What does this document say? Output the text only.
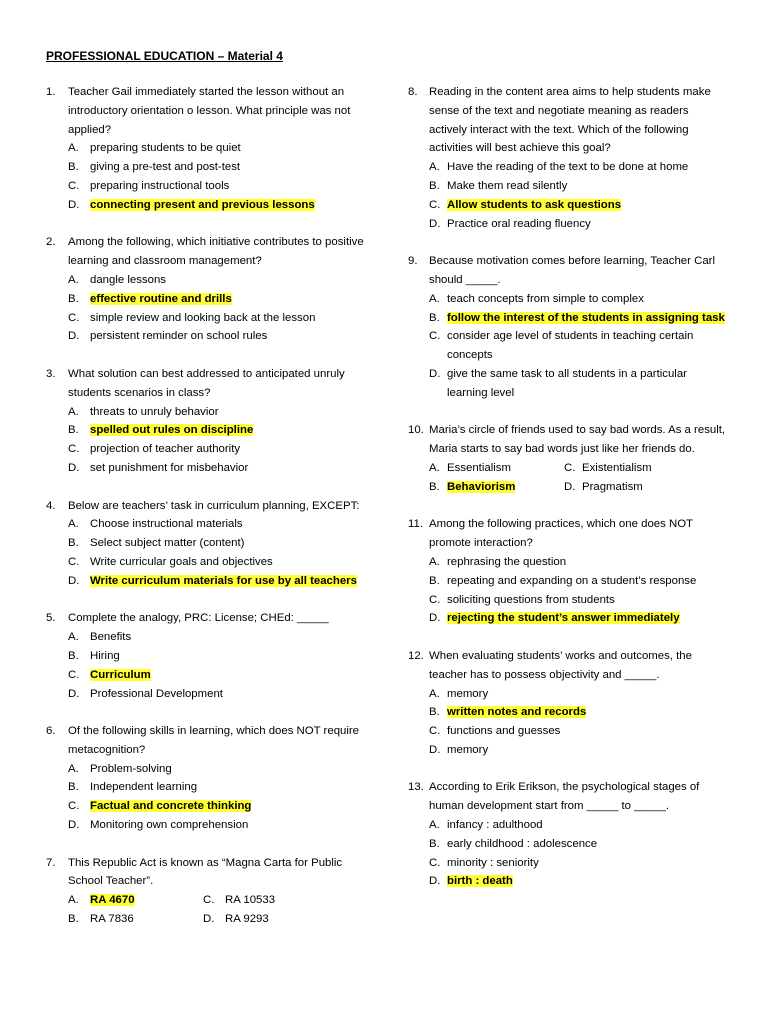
PROFESSIONAL EDUCATION – Material 4
1. Teacher Gail immediately started the lesson without an introductory orientation o lesson. What principle was not applied?
A. preparing students to be quiet
B. giving a pre-test and post-test
C. preparing instructional tools
D. connecting present and previous lessons
2. Among the following, which initiative contributes to positive learning and classroom management?
A. dangle lessons
B. effective routine and drills
C. simple review and looking back at the lesson
D. persistent reminder on school rules
3. What solution can best addressed to anticipated unruly students scenarios in class?
A. threats to unruly behavior
B. spelled out rules on discipline
C. projection of teacher authority
D. set punishment for misbehavior
4. Below are teachers’ task in curriculum planning, EXCEPT:
A. Choose instructional materials
B. Select subject matter (content)
C. Write curricular goals and objectives
D. Write curriculum materials for use by all teachers
5. Complete the analogy, PRC: License; CHEd: _____
A. Benefits
B. Hiring
C. Curriculum
D. Professional Development
6. Of the following skills in learning, which does NOT require metacognition?
A. Problem-solving
B. Independent learning
C. Factual and concrete thinking
D. Monitoring own comprehension
7. This Republic Act is known as “Magna Carta for Public School Teacher”.
A. RA 4670	C. RA 10533
B. RA 7836	D. RA 9293
8. Reading in the content area aims to help students make sense of the text and negotiate meaning as readers actively interact with the text. Which of the following activities will best achieve this goal?
A. Have the reading of the text to be done at home
B. Make them read silently
C. Allow students to ask questions
D. Practice oral reading fluency
9. Because motivation comes before learning, Teacher Carl should _____.
A. teach concepts from simple to complex
B. follow the interest of the students in assigning task
C. consider age level of students in teaching certain concepts
D. give the same task to all students in a particular learning level
10. Maria’s circle of friends used to say bad words. As a result, Maria starts to say bad words just like her friends do.
A. Essentialism	C. Existentialism
B. Behaviorism	D. Pragmatism
11. Among the following practices, which one does NOT promote interaction?
A. rephrasing the question
B. repeating and expanding on a student’s response
C. soliciting questions from students
D. rejecting the student’s answer immediately
12. When evaluating students’ works and outcomes, the teacher has to possess objectivity and _____.
A. memory
B. written notes and records
C. functions and guesses
D. memory
13. According to Erik Erikson, the psychological stages of human development start from _____ to _____.
A. infancy : adulthood
B. early childhood : adolescence
C. minority : seniority
D. birth : death
